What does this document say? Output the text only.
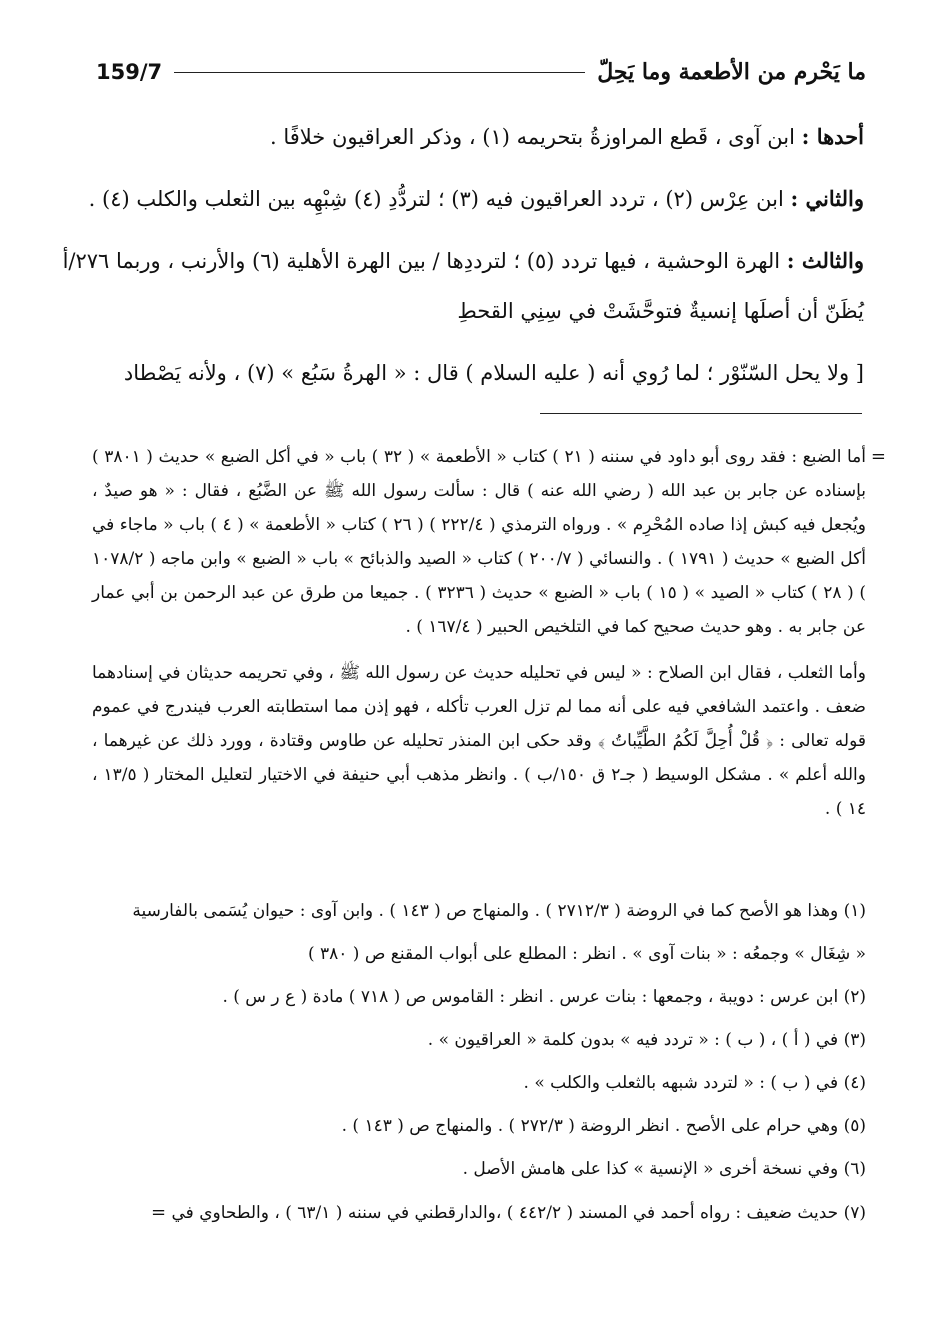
159/7	ما يَحْرم من الأطعمة وما يَحِلّ

أحدها : ابن آوى ، قَطع المراوزةُ بتحريمه (١) ، وذكر العراقيون خلافًا .

والثاني : ابن عِرْس (٢) ، تردد العراقيون فيه (٣) ؛ لتردُّدِ (٤) شِبْهِه بين الثعلب والكلب (٤) .

والثالث : الهرة الوحشية ، فيها تردد (٥) ؛ لترددِها / بين الهرة الأهلية (٦) والأرنب ، وربما ٢٧٦/أ يُظَنّ أن أصلَها إنسيةٌ فتوحَّشَتْ في سِنِي القحطِ

[ ولا يحل السّنّوْر ؛ لما رُوي أنه ( عليه السلام ) قال : « الهرةُ سَبُع » (٧) ، ولأنه يَصْطاد

=

أما الضبع : فقد روى أبو داود في سننه ( ٢١ ) كتاب « الأطعمة » ( ٣٢ ) باب « في أكل الضبع » حديث ( ٣٨٠١ ) بإسناده عن جابر بن عبد الله ( رضي الله عنه ) قال : سألت رسول الله ﷺ عن الضَّبُع ، فقال : « هو صيدٌ ، ويُجعل فيه كبش إذا صاده المُحْرِم » . ورواه الترمذي ( ٢٢٢/٤ ) ( ٢٦ ) كتاب « الأطعمة » ( ٤ ) باب « ماجاء في أكل الضبع » حديث ( ١٧٩١ ) . والنسائي ( ٢٠٠/٧ ) كتاب « الصيد والذبائح » باب « الضبع » وابن ماجه ( ١٠٧٨/٢ ) ( ٢٨ ) كتاب « الصيد » ( ١٥ ) باب « الضبع » حديث ( ٣٢٣٦ ) . جميعا من طرق عن عبد الرحمن بن أبي عمار عن جابر به . وهو حديث صحيح كما في التلخيص الحبير ( ١٦٧/٤ ) .

وأما الثعلب ، فقال ابن الصلاح : « ليس في تحليله حديث عن رسول الله ﷺ ، وفي تحريمه حديثان في إسنادهما ضعف . واعتمد الشافعي فيه على أنه مما لم تزل العرب تأكله ، فهو إذن مما استطابته العرب فيندرج في عموم قوله تعالى : ﴿ قُلْ أُحِلَّ لَكُمُ الطَّيِّباتُ ﴾ وقد حكى ابن المنذر تحليله عن طاوس وقتادة ، وورد ذلك عن غيرهما ، والله أعلم » . مشكل الوسيط ( جـ٢ ق ١٥٠/ب ) . وانظر مذهب أبي حنيفة في الاختيار لتعليل المختار ( ١٣/٥ ، ١٤ ) .

(١) وهذا هو الأصح كما في الروضة ( ٢٧١٢/٣ ) . والمنهاج ص ( ١٤٣ ) . وابن آوى : حيوان يُسَمى بالفارسية

« شِغَال » وجمعُه : « بنات آوى » . انظر : المطلع على أبواب المقنع ص ( ٣٨٠ )

(٢) ابن عرس : دويبة ، وجمعها : بنات عرس . انظر : القاموس ص ( ٧١٨ ) مادة ( ع ر س ) .

(٣) في ( أ ) ، ( ب ) : « تردد فيه » بدون كلمة « العراقيون » .

(٤) في ( ب ) : « لتردد شبهه بالثعلب والكلب » .

(٥) وهي حرام على الأصح . انظر الروضة ( ٢٧٢/٣ ) . والمنهاج ص ( ١٤٣ ) .

(٦) وفي نسخة أخرى « الإنسية » كذا على هامش الأصل .

(٧) حديث ضعيف : رواه أحمد في المسند ( ٤٤٢/٢ ) ،والدارقطني في سننه ( ٦٣/١ ) ، والطحاوي في =
